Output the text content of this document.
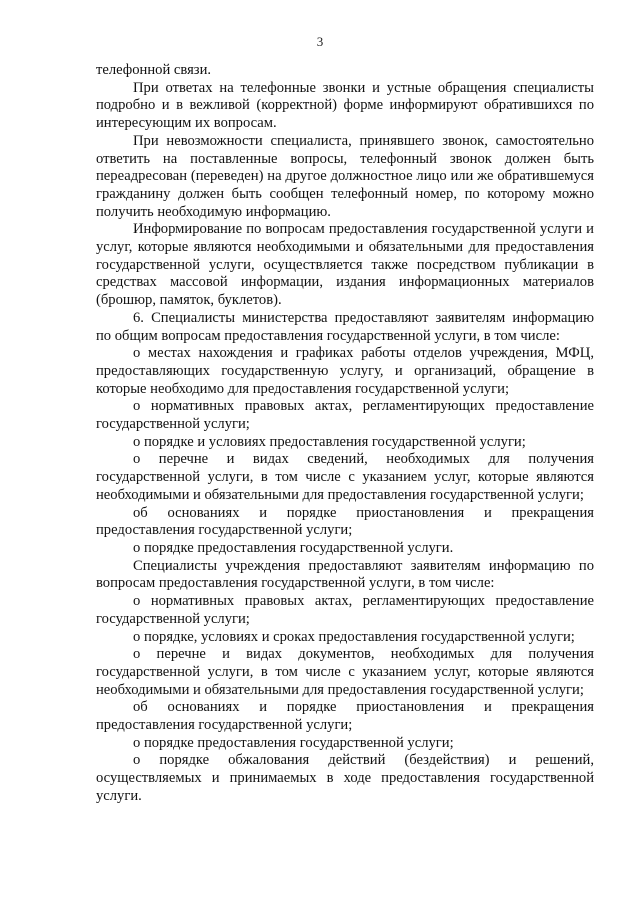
3

телефонной связи.

При ответах на телефонные звонки и устные обращения специалисты подробно и в вежливой (корректной) форме информируют обратившихся по интересующим их вопросам.

При невозможности специалиста, принявшего звонок, самостоятельно ответить на поставленные вопросы, телефонный звонок должен быть переадресован (переведен) на другое должностное лицо или же обратившемуся гражданину должен быть сообщен телефонный номер, по которому можно получить необходимую информацию.

Информирование по вопросам предоставления государственной услуги и услуг, которые являются необходимыми и обязательными для предоставления государственной услуги, осуществляется также посредством публикации в средствах массовой информации, издания информационных материалов (брошюр, памяток, буклетов).

6. Специалисты министерства предоставляют заявителям информацию по общим вопросам предоставления государственной услуги, в том числе:

о местах нахождения и графиках работы отделов учреждения, МФЦ, предоставляющих государственную услугу, и организаций, обращение в которые необходимо для предоставления государственной услуги;

о нормативных правовых актах, регламентирующих предоставление государственной услуги;

о порядке и условиях предоставления государственной услуги;

о перечне и видах сведений, необходимых для получения государственной услуги, в том числе с указанием услуг, которые являются необходимыми и обязательными для предоставления государственной услуги;

об основаниях и порядке приостановления и прекращения предоставления государственной услуги;

о порядке предоставления государственной услуги.

Специалисты учреждения предоставляют заявителям информацию по вопросам предоставления государственной услуги, в том числе:

о нормативных правовых актах, регламентирующих предоставление государственной услуги;

о порядке, условиях и сроках предоставления государственной услуги;

о перечне и видах документов, необходимых для получения государственной услуги, в том числе с указанием услуг, которые являются необходимыми и обязательными для предоставления государственной услуги;

об основаниях и порядке приостановления и прекращения предоставления государственной услуги;

о порядке предоставления государственной услуги;

о порядке обжалования действий (бездействия) и решений, осуществляемых и принимаемых в ходе предоставления государственной услуги.
